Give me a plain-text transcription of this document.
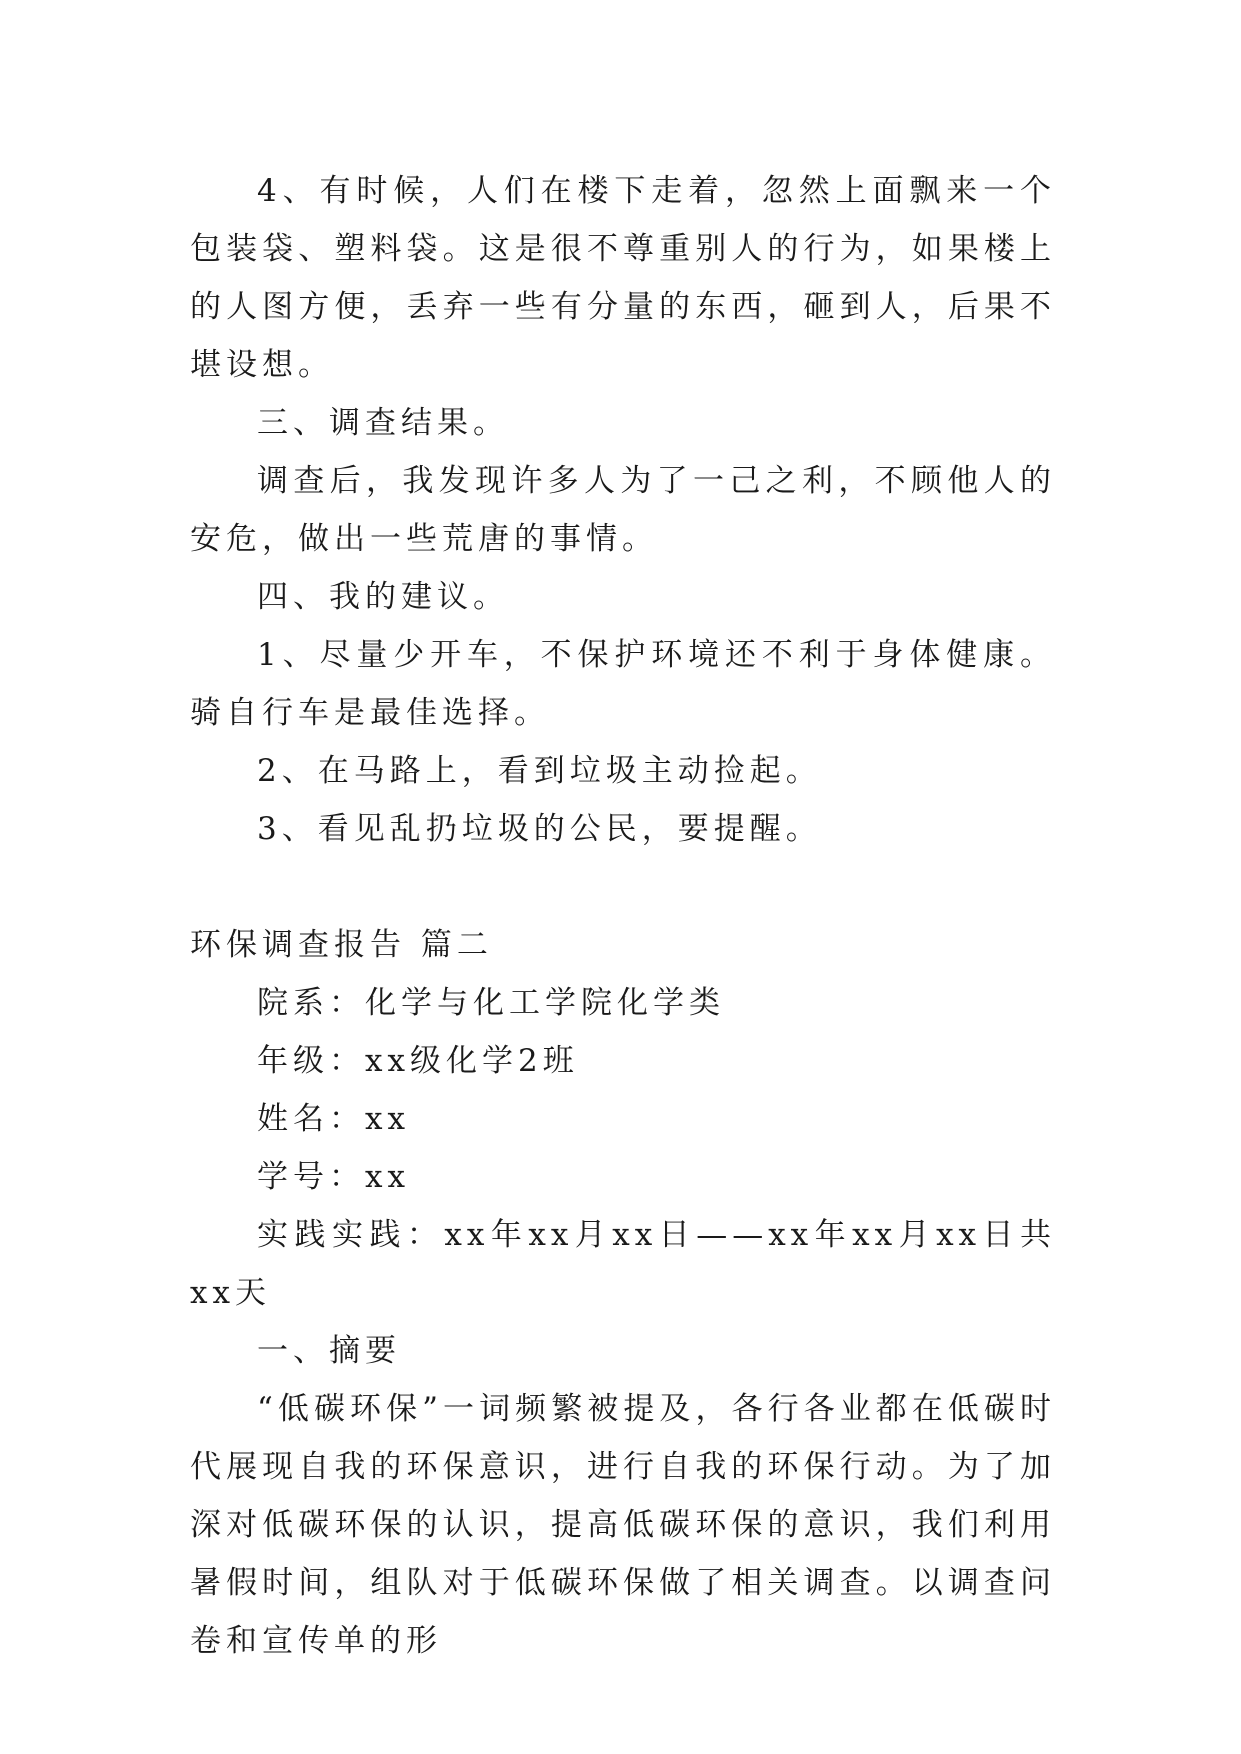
4、有时候，人们在楼下走着，忽然上面飘来一个包装袋、塑料袋。这是很不尊重别人的行为，如果楼上的人图方便，丢弃一些有分量的东西，砸到人，后果不堪设想。

三、调查结果。

调查后，我发现许多人为了一己之利，不顾他人的安危，做出一些荒唐的事情。

四、我的建议。

1、尽量少开车，不保护环境还不利于身体健康。骑自行车是最佳选择。

2、在马路上，看到垃圾主动捡起。

3、看见乱扔垃圾的公民，要提醒。

环保调查报告 篇二

院系：化学与化工学院化学类

年级：xx级化学2班

姓名：xx

学号：xx

实践实践：xx年xx月xx日——xx年xx月xx日共xx天

一、摘要

“低碳环保”一词频繁被提及，各行各业都在低碳时代展现自我的环保意识，进行自我的环保行动。为了加深对低碳环保的认识，提高低碳环保的意识，我们利用暑假时间，组队对于低碳环保做了相关调查。以调查问卷和宣传单的形
